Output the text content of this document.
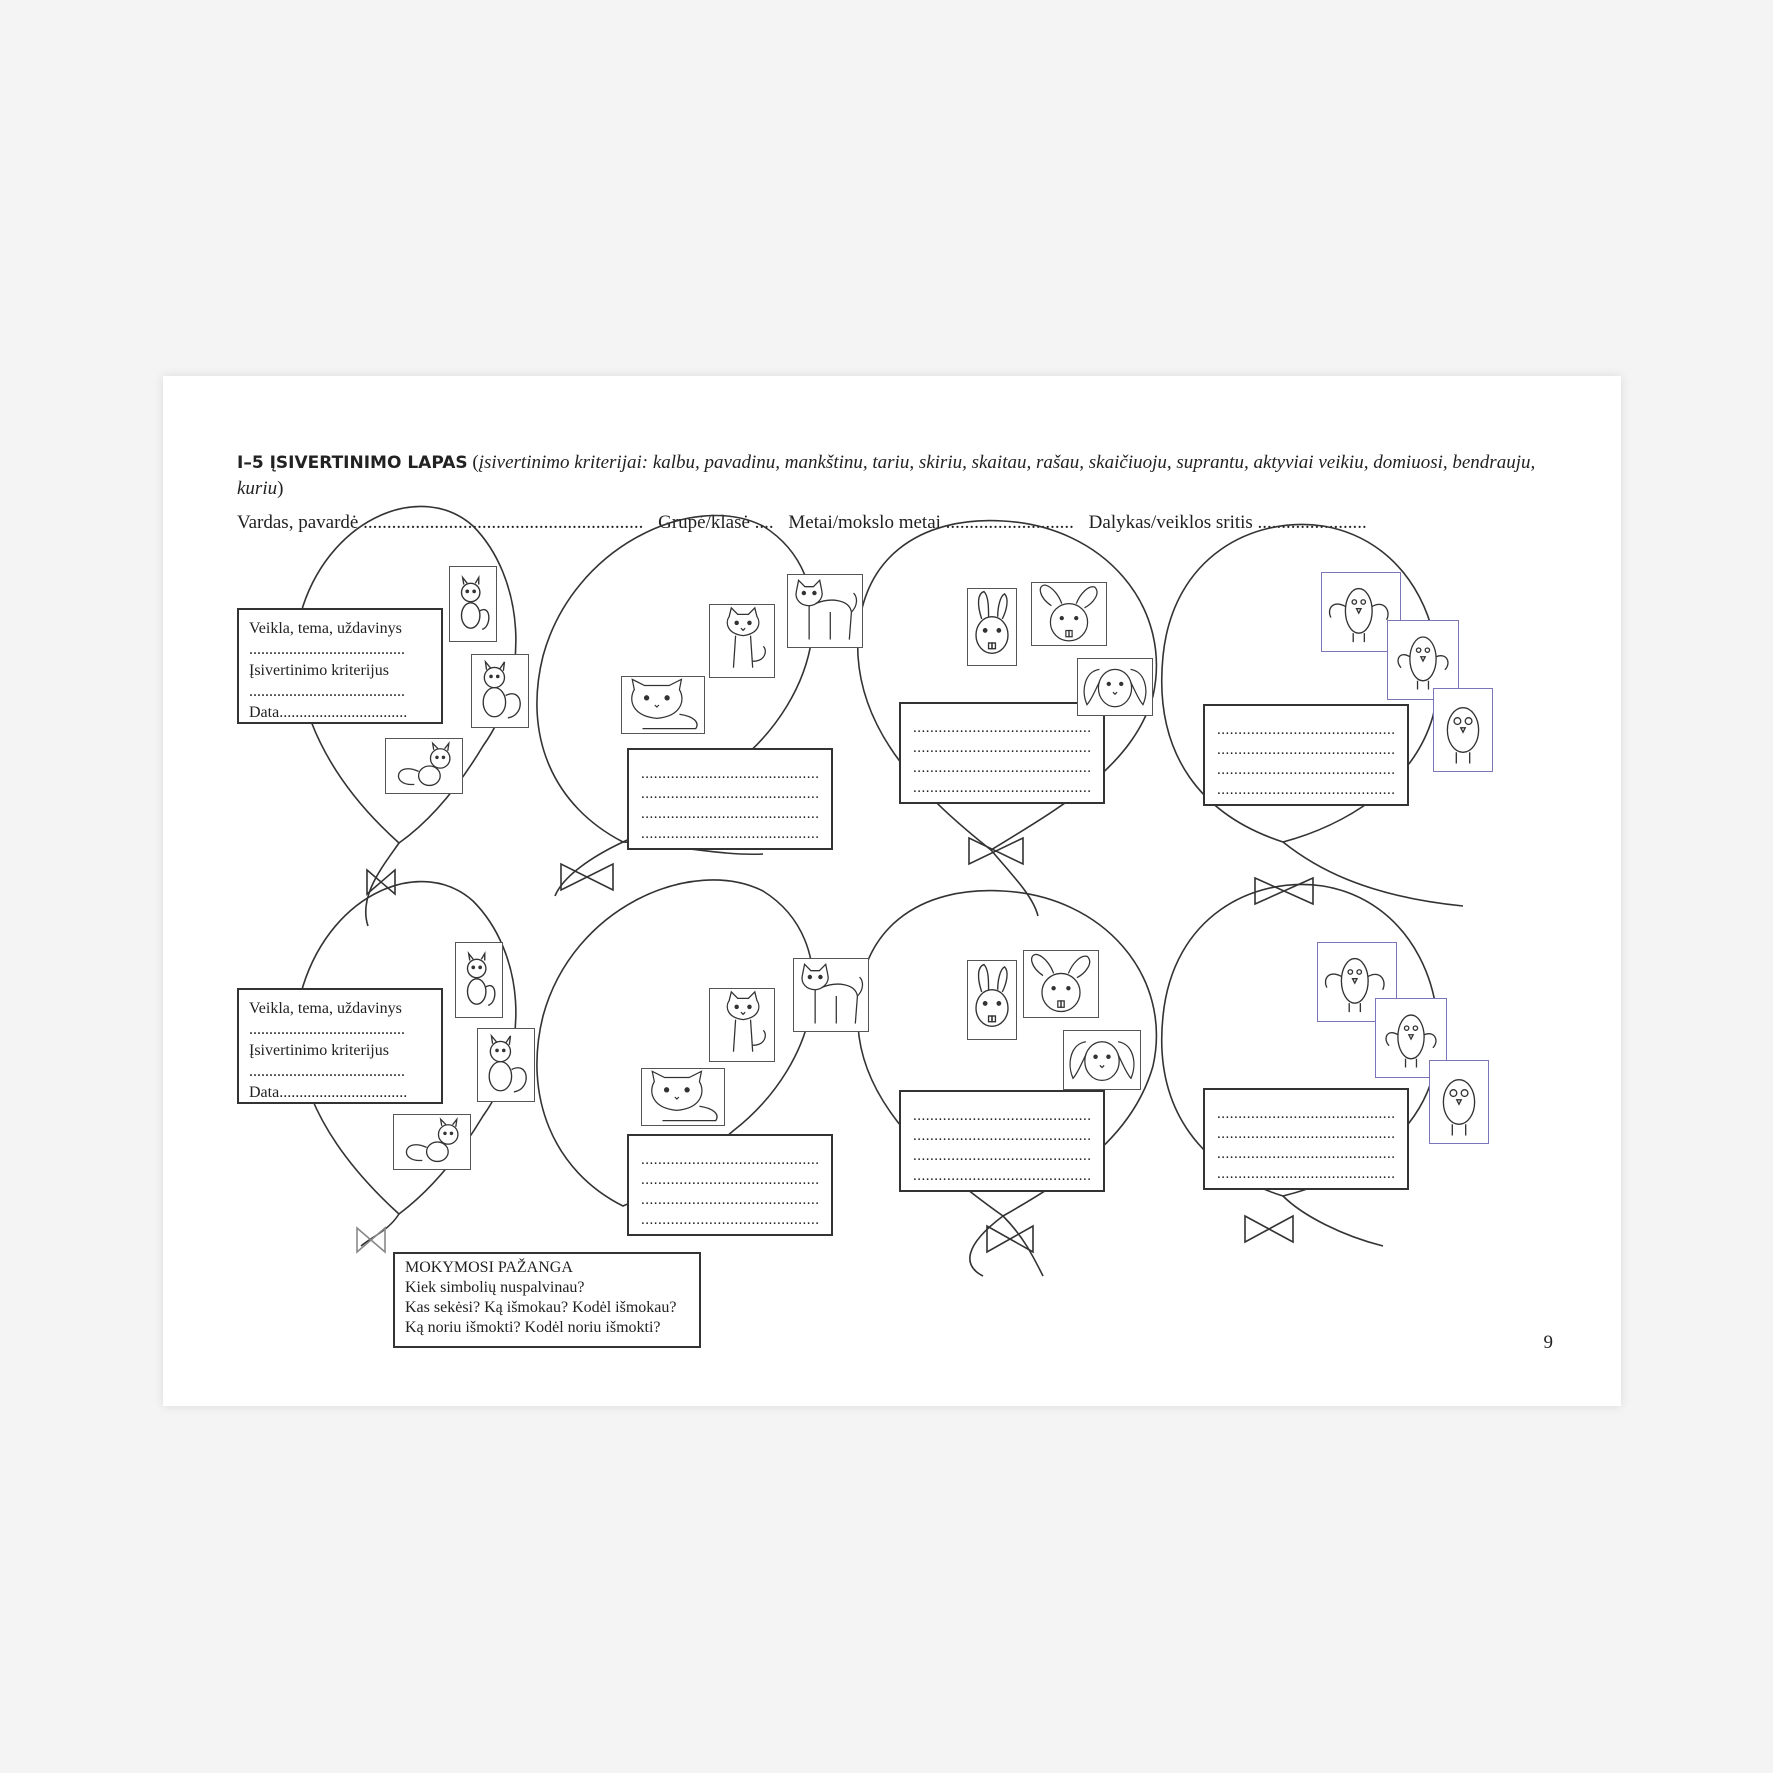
I–5 ĮSIVERTINIMO LAPAS (įsivertinimo kriterijai: kalbu, pavadinu, mankštinu, tariu, skiriu, skaitau, rašau, skaičiuoju, suprantu, aktyviai veikiu, domiuosi, bendrauju, kuriu)
Vardas, pavardė ........................................................... Grupė/klasė .... Metai/mokslo metai ........................... Dalykas/veiklos sritis .......................
Veikla, tema, uždavinys
.......................................
Įsivertinimo kriterijus
.......................................
Data................................
..........................................
..........................................
..........................................
..........................................
..........................................
..........................................
..........................................
..........................................
..........................................
..........................................
..........................................
..........................................
Veikla, tema, uždavinys
.......................................
Įsivertinimo kriterijus
.......................................
Data................................
..........................................
..........................................
..........................................
..........................................
..........................................
..........................................
..........................................
..........................................
..........................................
..........................................
..........................................
..........................................
MOKYMOSI PAŽANGA
Kiek simbolių nuspalvinau?
Kas sekėsi? Ką išmokau? Kodėl išmokau?
Ką noriu išmokti? Kodėl noriu išmokti?
9
